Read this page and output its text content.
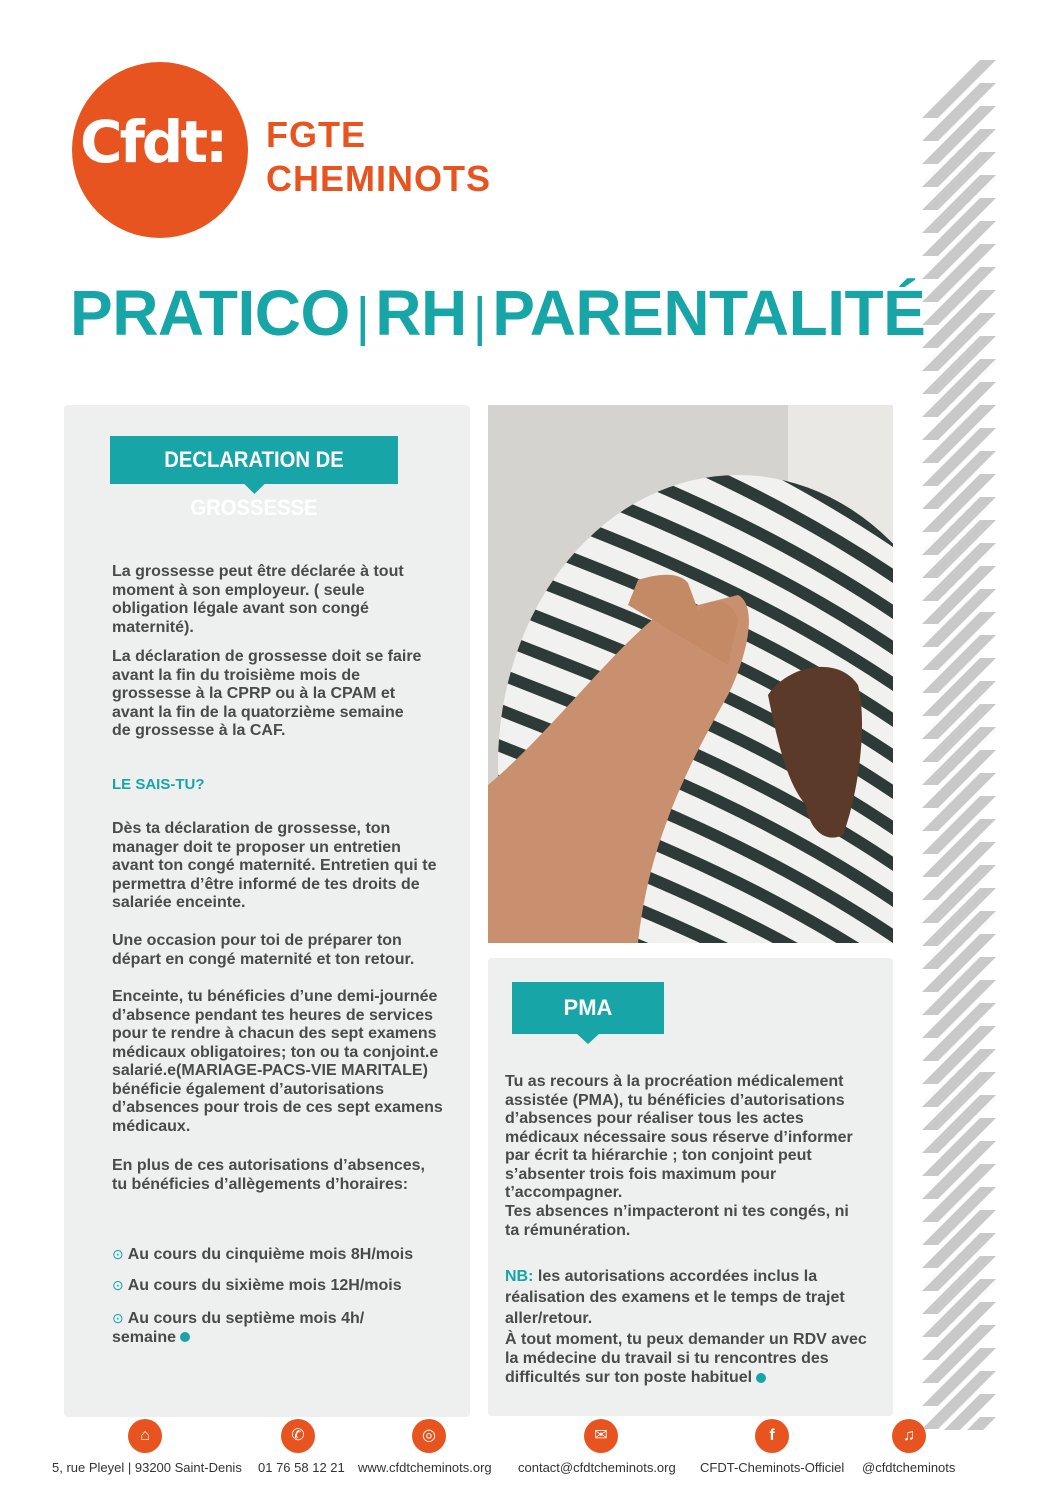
Cfdt:	FGTE
CHEMINOTS
PRATICO |RH |PARENTALITÉ
DECLARATION DE GROSSESSE
La grossesse peut être déclarée à tout moment à son employeur. ( seule obligation légale avant son congé maternité).
La déclaration de grossesse doit se faire avant la fin du troisième mois de grossesse à la CPRP ou à la CPAM et avant la fin de la quatorzième semaine de grossesse à la CAF.
LE SAIS-TU?
Dès ta déclaration de grossesse, ton manager doit te proposer un entretien avant ton congé maternité. Entretien qui te permettra d’être informé de tes droits de salariée enceinte.
Une occasion pour toi de préparer ton départ en congé maternité et ton retour.
Enceinte, tu bénéficies d’une demi-journée d’absence pendant tes heures de services pour te rendre à chacun des sept examens médicaux obligatoires; ton ou ta conjoint.e salarié.e(MARIAGE-PACS-VIE MARITALE) bénéficie également d’autorisations d’absences pour trois de ces sept examens médicaux.
En plus de ces autorisations d’absences, tu bénéficies d’allègements d’horaires:
⊙ Au cours du cinquième mois 8H/mois
⊙ Au cours du sixième mois 12H/mois
⊙ Au cours du septième mois 4h/ semaine
PMA
Tu as recours à la procréation médicalement assistée (PMA), tu bénéficies d’autorisations d’absences pour réaliser tous les actes médicaux nécessaire sous réserve d’informer par écrit ta hiérarchie ; ton conjoint peut s’absenter trois fois maximum pour t’accompagner.
Tes absences n’impacteront ni tes congés, ni ta rémunération.
NB: les autorisations accordées inclus la réalisation des examens et le temps de trajet aller/retour.
À tout moment, tu peux demander un RDV avec la médecine du travail si tu rencontres des difficultés sur ton poste habituel
⌂	✆	◎	✉	f	♫
5, rue Pleyel | 93200 Saint-Denis 01 76 58 12 21 www.cfdtcheminots.org contact@cfdtcheminots.org CFDT-Cheminots-Officiel @cfdtcheminots
